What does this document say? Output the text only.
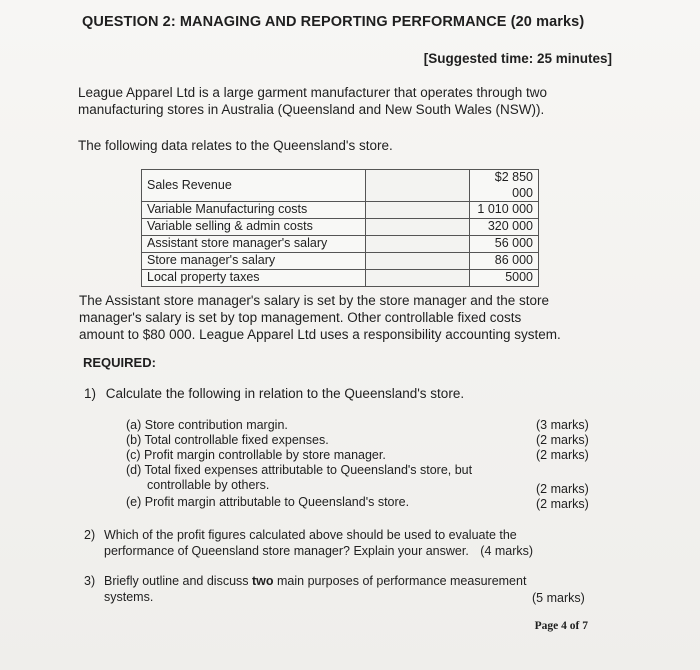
QUESTION 2: MANAGING AND REPORTING PERFORMANCE (20 marks)
[Suggested time: 25 minutes]
League Apparel Ltd is a large garment manufacturer that operates through two
manufacturing stores in Australia (Queensland and New South Wales (NSW)).
The following data relates to the Queensland's store.
Sales Revenue		$2 850 000
Variable Manufacturing costs		1 010 000
Variable selling & admin costs		320 000
Assistant store manager's salary		56 000
Store manager's salary		86 000
Local property taxes		5000
The Assistant store manager's salary is set by the store manager and the store
manager's salary is set by top management. Other controllable fixed costs
amount to $80 000. League Apparel Ltd uses a responsibility accounting system.
REQUIRED:
1) Calculate the following in relation to the Queensland's store.
(a) Store contribution margin.	(3 marks)
(b) Total controllable fixed expenses.	(2 marks)
(c) Profit margin controllable by store manager.	(2 marks)
(d) Total fixed expenses attributable to Queensland's store, but
controllable by others.	(2 marks)
(e) Profit margin attributable to Queensland's store.	(2 marks)
2) Which of the profit figures calculated above should be used to evaluate the
performance of Queensland store manager? Explain your answer. (4 marks)
3) Briefly outline and discuss two main purposes of performance measurement
systems.	(5 marks)
Page 4 of 7
